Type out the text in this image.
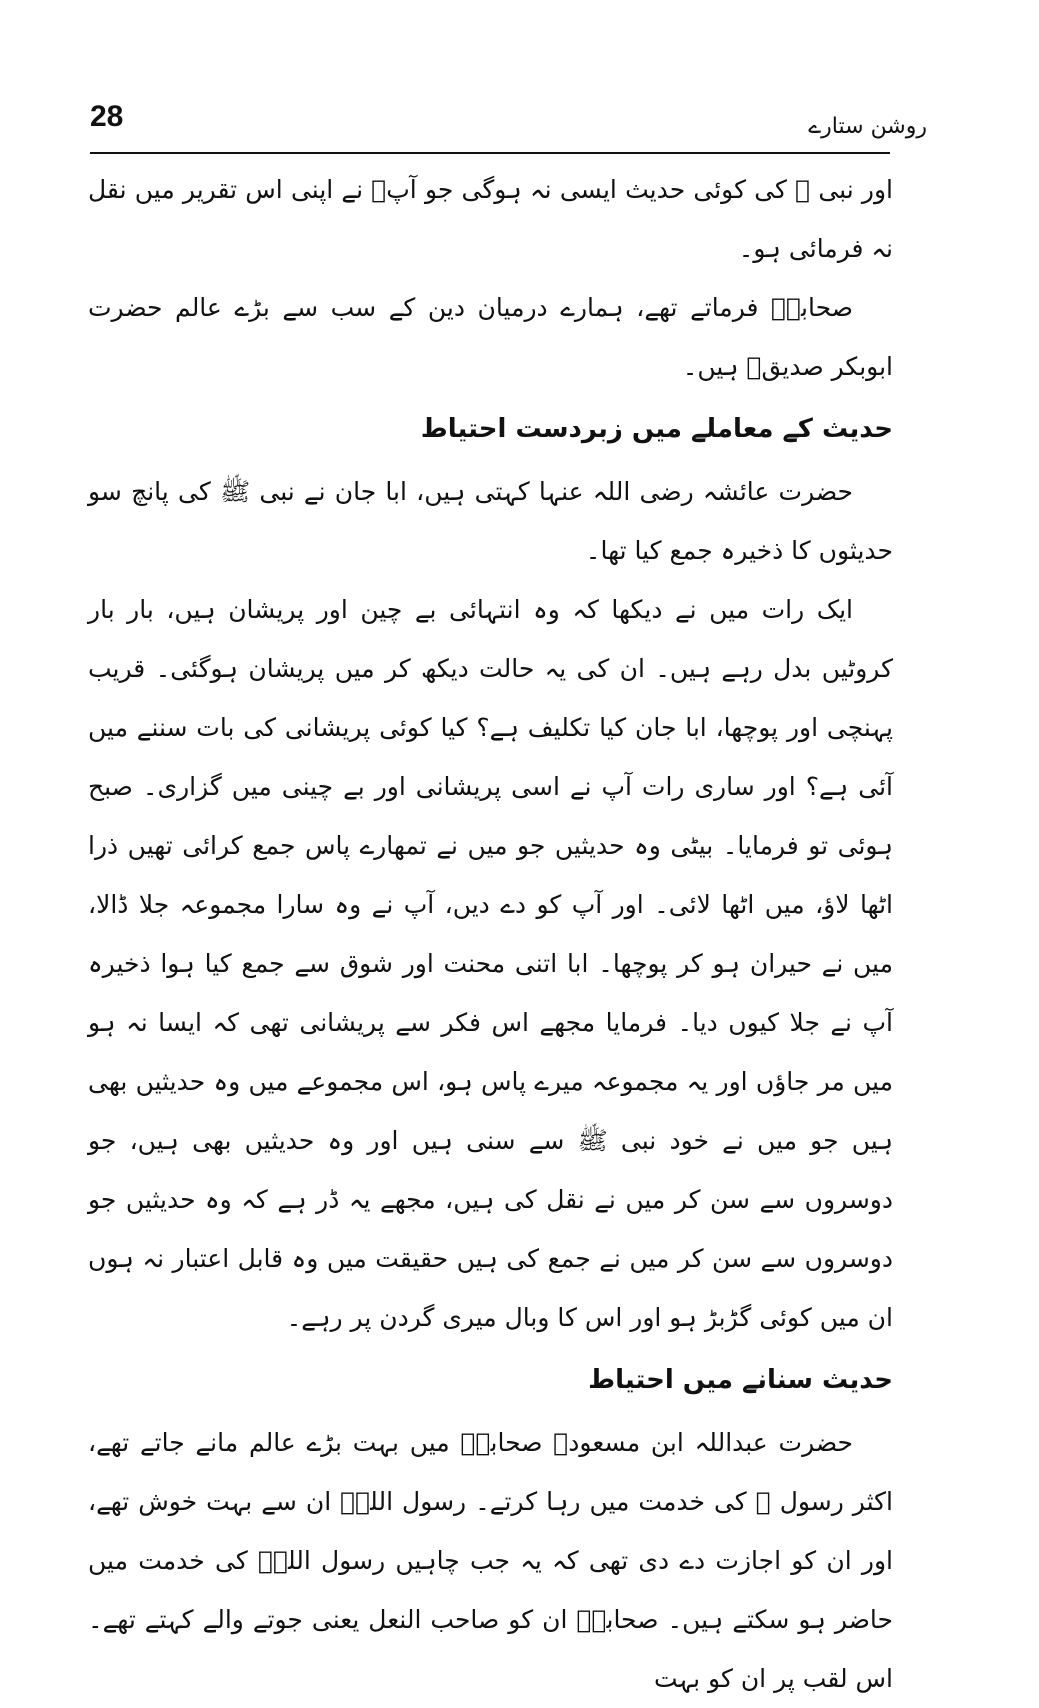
28	روشن ستارے

اور نبی ﷺ کی کوئی حدیث ایسی نہ ہوگی جو آپؓ نے اپنی اس تقریر میں نقل نہ فرمائی ہو۔

صحابہؓ فرماتے تھے، ہمارے درمیان دین کے سب سے بڑے عالم حضرت ابوبکر صدیقؓ ہیں۔

حدیث کے معاملے میں زبردست احتیاط

حضرت عائشہ رضی اللہ عنہا کہتی ہیں، ابا جان نے نبی ﷺ کی پانچ سو حدیثوں کا ذخیرہ جمع کیا تھا۔

ایک رات میں نے دیکھا کہ وہ انتہائی بے چین اور پریشان ہیں، بار بار کروٹیں بدل رہے ہیں۔ ان کی یہ حالت دیکھ کر میں پریشان ہوگئی۔ قریب پہنچی اور پوچھا، ابا جان کیا تکلیف ہے؟ کیا کوئی پریشانی کی بات سننے میں آئی ہے؟ اور ساری رات آپ نے اسی پریشانی اور بے چینی میں گزاری۔ صبح ہوئی تو فرمایا۔ بیٹی وہ حدیثیں جو میں نے تمھارے پاس جمع کرائی تھیں ذرا اٹھا لاؤ، میں اٹھا لائی۔ اور آپ کو دے دیں، آپ نے وہ سارا مجموعہ جلا ڈالا، میں نے حیران ہو کر پوچھا۔ ابا اتنی محنت اور شوق سے جمع کیا ہوا ذخیرہ آپ نے جلا کیوں دیا۔ فرمایا مجھے اس فکر سے پریشانی تھی کہ ایسا نہ ہو میں مر جاؤں اور یہ مجموعہ میرے پاس ہو، اس مجموعے میں وہ حدیثیں بھی ہیں جو میں نے خود نبی ﷺ سے سنی ہیں اور وہ حدیثیں بھی ہیں، جو دوسروں سے سن کر میں نے نقل کی ہیں، مجھے یہ ڈر ہے کہ وہ حدیثیں جو دوسروں سے سن کر میں نے جمع کی ہیں حقیقت میں وہ قابل اعتبار نہ ہوں ان میں کوئی گڑبڑ ہو اور اس کا وبال میری گردن پر رہے۔

حدیث سنانے میں احتیاط

حضرت عبداللہ ابن مسعودؓ صحابہؓ میں بہت بڑے عالم مانے جاتے تھے، اکثر رسول ﷺ کی خدمت میں رہا کرتے۔ رسول اللہؐ ان سے بہت خوش تھے، اور ان کو اجازت دے دی تھی کہ یہ جب چاہیں رسول اللہؐ کی خدمت میں حاضر ہو سکتے ہیں۔ صحابہؓ ان کو صاحب النعل یعنی جوتے والے کہتے تھے۔ اس لقب پر ان کو بہت
